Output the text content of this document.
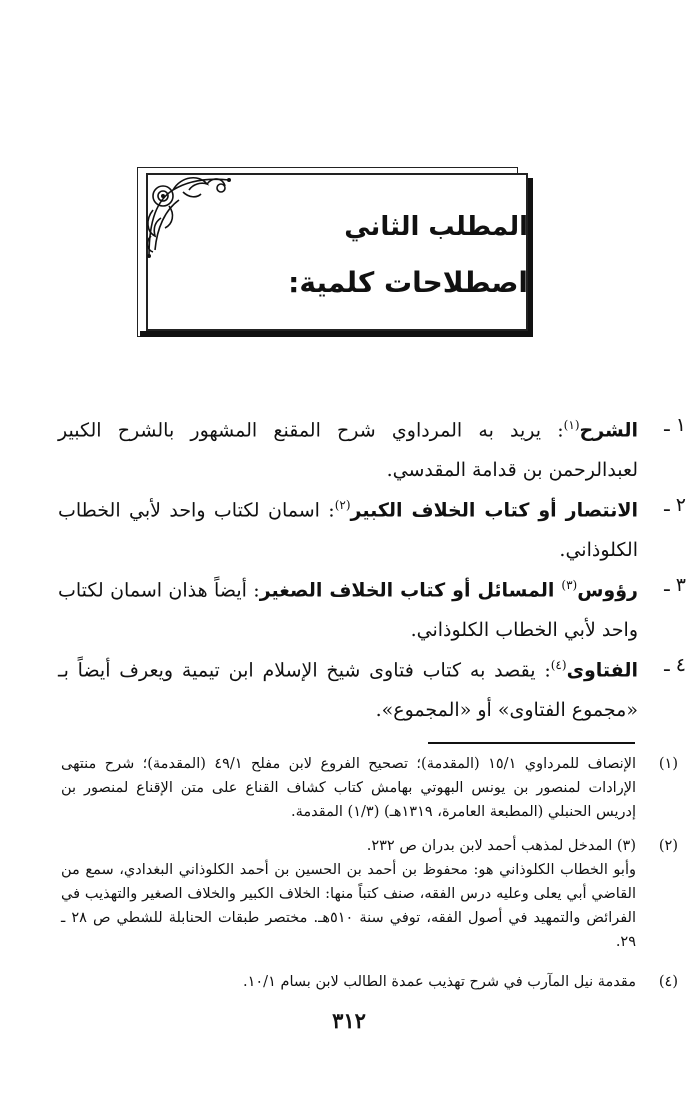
المطلب الثاني
اصطلاحات كلمية:
١ ـ
الشرح$^{(١)}$: يريد به المرداوي شرح المقنع المشهور بالشرح الكبير لعبدالرحمن بن قدامة المقدسي.
٢ ـ
الانتصار أو كتاب الخلاف الكبير$^{(٢)}$: اسمان لكتاب واحد لأبي الخطاب الكلوذاني.
٣ ـ
رؤوس$^{(٣)}$ المسائل أو كتاب الخلاف الصغير: أيضاً هذان اسمان لكتاب واحد لأبي الخطاب الكلوذاني.
٤ ـ
الفتاوى$^{(٤)}$: يقصد به كتاب فتاوى شيخ الإسلام ابن تيمية ويعرف أيضاً بـ «مجموع الفتاوى» أو «المجموع».
(١)
الإنصاف للمرداوي ١٥/١ (المقدمة)؛ تصحيح الفروع لابن مفلح ٤٩/١ (المقدمة)؛ شرح منتهى الإرادات لمنصور بن يونس البهوتي بهامش كتاب كشاف القناع على متن الإقناع لمنصور بن إدريس الحنبلي (المطبعة العامرة، ١٣١٩هـ) (١/٣) المقدمة.
(٢)
(٣) المدخل لمذهب أحمد لابن بدران ص ٢٣٢.
وأبو الخطاب الكلوذاني هو: محفوظ بن أحمد بن الحسين بن أحمد الكلوذاني البغدادي، سمع من القاضي أبي يعلى وعليه درس الفقه، صنف كتباً منها: الخلاف الكبير والخلاف الصغير والتهذيب في الفرائض والتمهيد في أصول الفقه، توفي سنة ٥١٠هـ. مختصر طبقات الحنابلة للشطي ص ٢٨ ـ ٢٩.
(٤)
مقدمة نيل المآرب في شرح تهذيب عمدة الطالب لابن بسام ١٠/١.
٣١٢
